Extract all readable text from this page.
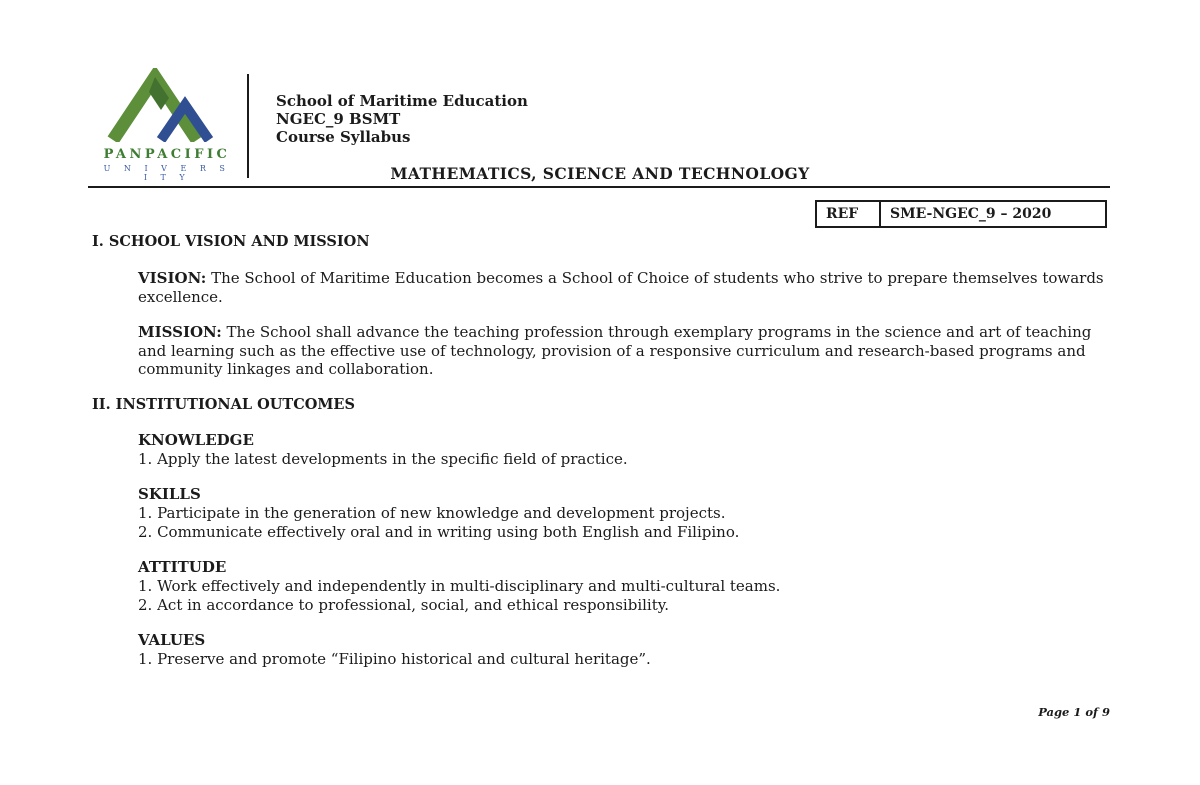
PANPACIFIC
U N I V E R S I T Y
School of Maritime Education
NGEC_9 BSMT
Course Syllabus
MATHEMATICS, SCIENCE AND TECHNOLOGY
REF	SME-NGEC_9 – 2020
I. SCHOOL VISION AND MISSION

VISION: The School of Maritime Education becomes a School of Choice of students who strive to prepare themselves towards excellence.

MISSION: The School shall advance the teaching profession through exemplary programs in the science and art of teaching and learning such as the effective use of technology, provision of a responsive curriculum and research-based programs and community linkages and collaboration.

II. INSTITUTIONAL OUTCOMES
KNOWLEDGE
1. Apply the latest developments in the specific field of practice.
SKILLS
1. Participate in the generation of new knowledge and development projects.
2. Communicate effectively oral and in writing using both English and Filipino.
ATTITUDE
1. Work effectively and independently in multi-disciplinary and multi-cultural teams.
2. Act in accordance to professional, social, and ethical responsibility.
VALUES
1. Preserve and promote “Filipino historical and cultural heritage”.
Page 1 of 9
